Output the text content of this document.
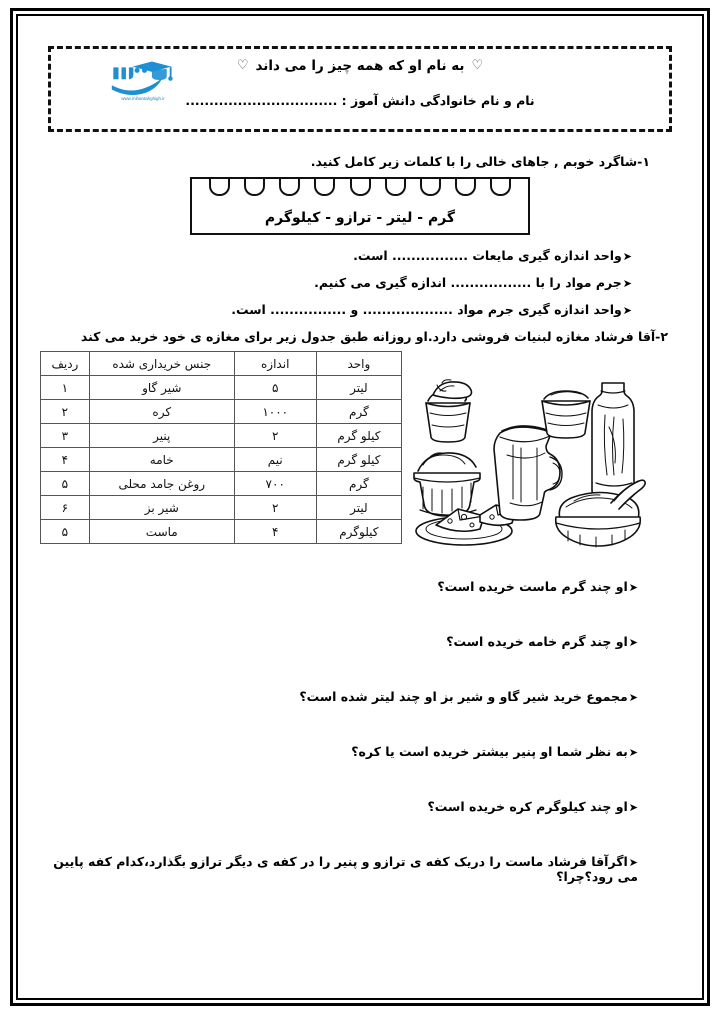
♡به نام او که همه چیز را می داند♡
www.mihantahghigh.ir	نام و نام خانوادگی دانش آموز : ................................
۱-شاگرد خوبم , جاهای خالی را با کلمات زیر کامل کنید.
گرم - لیتر - ترازو - کیلوگرم
➤واحد اندازه گیری مایعات ................ است.
➤جرم مواد را با ................. اندازه گیری می کنیم.
➤واحد اندازه گیری جرم مواد ................... و ................ است.
۲-آقا فرشاد مغازه لبنیات فروشی دارد.او روزانه طبق جدول زیر برای مغازه ی خود خرید می کند
واحد	اندازه	جنس خریداری شده	ردیف
لیتر	۵	شیر گاو	۱
گرم	۱۰۰۰	کره	۲
کیلو گرم	۲	پنیر	۳
کیلو گرم	نیم	خامه	۴
گرم	۷۰۰	روغن جامد محلی	۵
لیتر	۲	شیر بز	۶
کیلوگرم	۴	ماست	۵
➤او چند گرم ماست خریده است؟
➤او چند گرم خامه خریده است؟
➤مجموع خرید شیر گاو و شیر بز او چند لیتر شده است؟
➤به نظر شما او پنیر بیشتر خریده است یا کره؟
➤او چند کیلوگرم کره خریده است؟
➤اگرآقا فرشاد ماست را دریک کفه ی ترازو و پنیر را در کفه ی دیگر ترازو بگذارد،کدام کفه پایین می رود؟چرا؟
